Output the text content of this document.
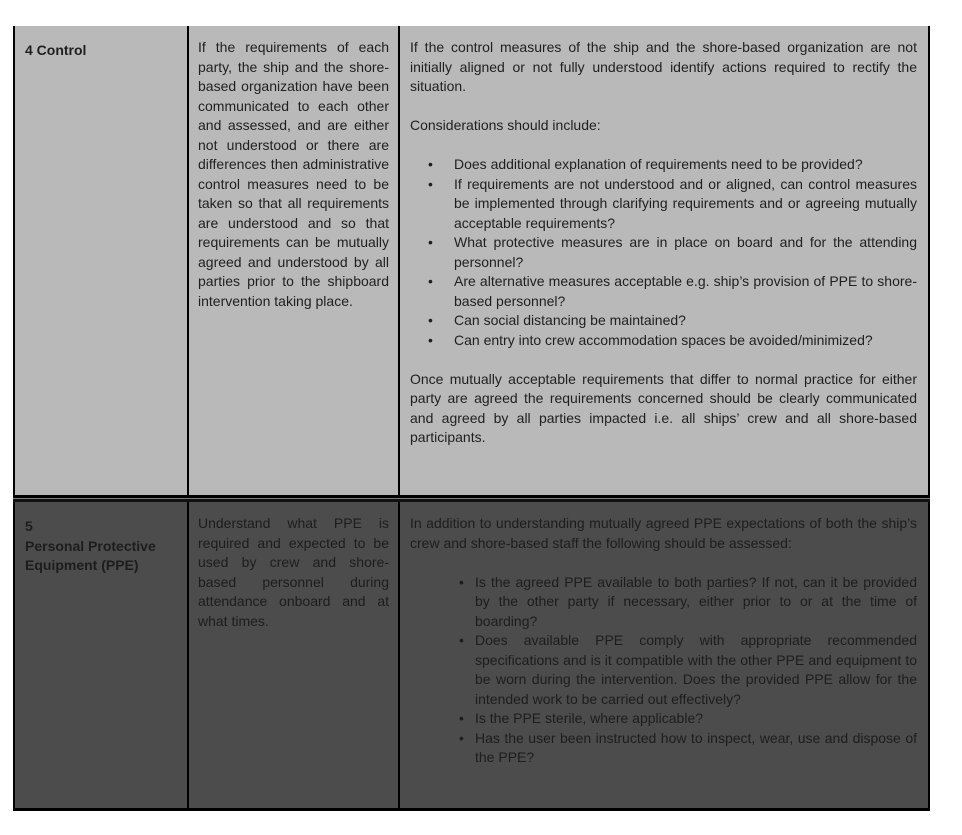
4 Control	If the requirements of each party, the ship and the shore-based organization have been communicated to each other and assessed, and are either not understood or there are differences then administrative control measures need to be taken so that all requirements are understood and so that requirements can be mutually agreed and understood by all parties prior to the shipboard intervention taking place.

If the control measures of the ship and the shore-based organization are not initially aligned or not fully understood identify actions required to rectify the situation.

Considerations should include:

• Does additional explanation of requirements need to be provided?
• If requirements are not understood and or aligned, can control measures be implemented through clarifying requirements and or agreeing mutually acceptable requirements?
• What protective measures are in place on board and for the attending personnel?
• Are alternative measures acceptable e.g. ship’s provision of PPE to shore-based personnel?
• Can social distancing be maintained?
• Can entry into crew accommodation spaces be avoided/minimized?

Once mutually acceptable requirements that differ to normal practice for either party are agreed the requirements concerned should be clearly communicated and agreed by all parties impacted i.e. all ships’ crew and all shore-based participants.

5
Personal Protective
Equipment (PPE)

Understand what PPE is required and expected to be used by crew and shore-based personnel during attendance onboard and at what times.

In addition to understanding mutually agreed PPE expectations of both the ship’s crew and shore-based staff the following should be assessed:

• Is the agreed PPE available to both parties? If not, can it be provided by the other party if necessary, either prior to or at the time of boarding?
• Does available PPE comply with appropriate recommended specifications and is it compatible with the other PPE and equipment to be worn during the intervention. Does the provided PPE allow for the intended work to be carried out effectively?
• Is the PPE sterile, where applicable?
• Has the user been instructed how to inspect, wear, use and dispose of the PPE?
